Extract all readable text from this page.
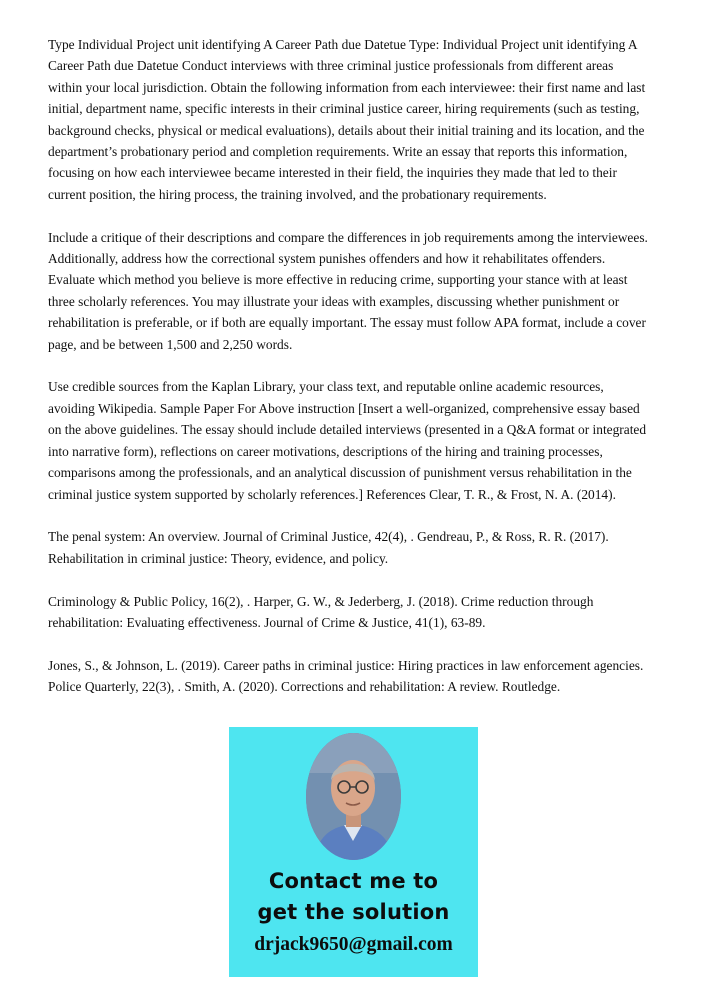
Type Individual Project unit identifying A Career Path due Datetue Type: Individual Project unit identifying A Career Path due Datetue Conduct interviews with three criminal justice professionals from different areas within your local jurisdiction. Obtain the following information from each interviewee: their first name and last initial, department name, specific interests in their criminal justice career, hiring requirements (such as testing, background checks, physical or medical evaluations), details about their initial training and its location, and the department’s probationary period and completion requirements. Write an essay that reports this information, focusing on how each interviewee became interested in their field, the inquiries they made that led to their current position, the hiring process, the training involved, and the probationary requirements.

Include a critique of their descriptions and compare the differences in job requirements among the interviewees. Additionally, address how the correctional system punishes offenders and how it rehabilitates offenders. Evaluate which method you believe is more effective in reducing crime, supporting your stance with at least three scholarly references. You may illustrate your ideas with examples, discussing whether punishment or rehabilitation is preferable, or if both are equally important. The essay must follow APA format, include a cover page, and be between 1,500 and 2,250 words.

Use credible sources from the Kaplan Library, your class text, and reputable online academic resources, avoiding Wikipedia. Sample Paper For Above instruction [Insert a well-organized, comprehensive essay based on the above guidelines. The essay should include detailed interviews (presented in a Q&A format or integrated into narrative form), reflections on career motivations, descriptions of the hiring and training processes, comparisons among the professionals, and an analytical discussion of punishment versus rehabilitation in the criminal justice system supported by scholarly references.] References Clear, T. R., & Frost, N. A. (2014).

The penal system: An overview. Journal of Criminal Justice, 42(4), . Gendreau, P., & Ross, R. R. (2017). Rehabilitation in criminal justice: Theory, evidence, and policy.

Criminology & Public Policy, 16(2), . Harper, G. W., & Jederberg, J. (2018). Crime reduction through rehabilitation: Evaluating effectiveness. Journal of Crime & Justice, 41(1), 63-89.

Jones, S., & Johnson, L. (2019). Career paths in criminal justice: Hiring practices in law enforcement agencies. Police Quarterly, 22(3), . Smith, A. (2020). Corrections and rehabilitation: A review. Routledge.

Contact me to
get the solution
drjack9650@gmail.com
